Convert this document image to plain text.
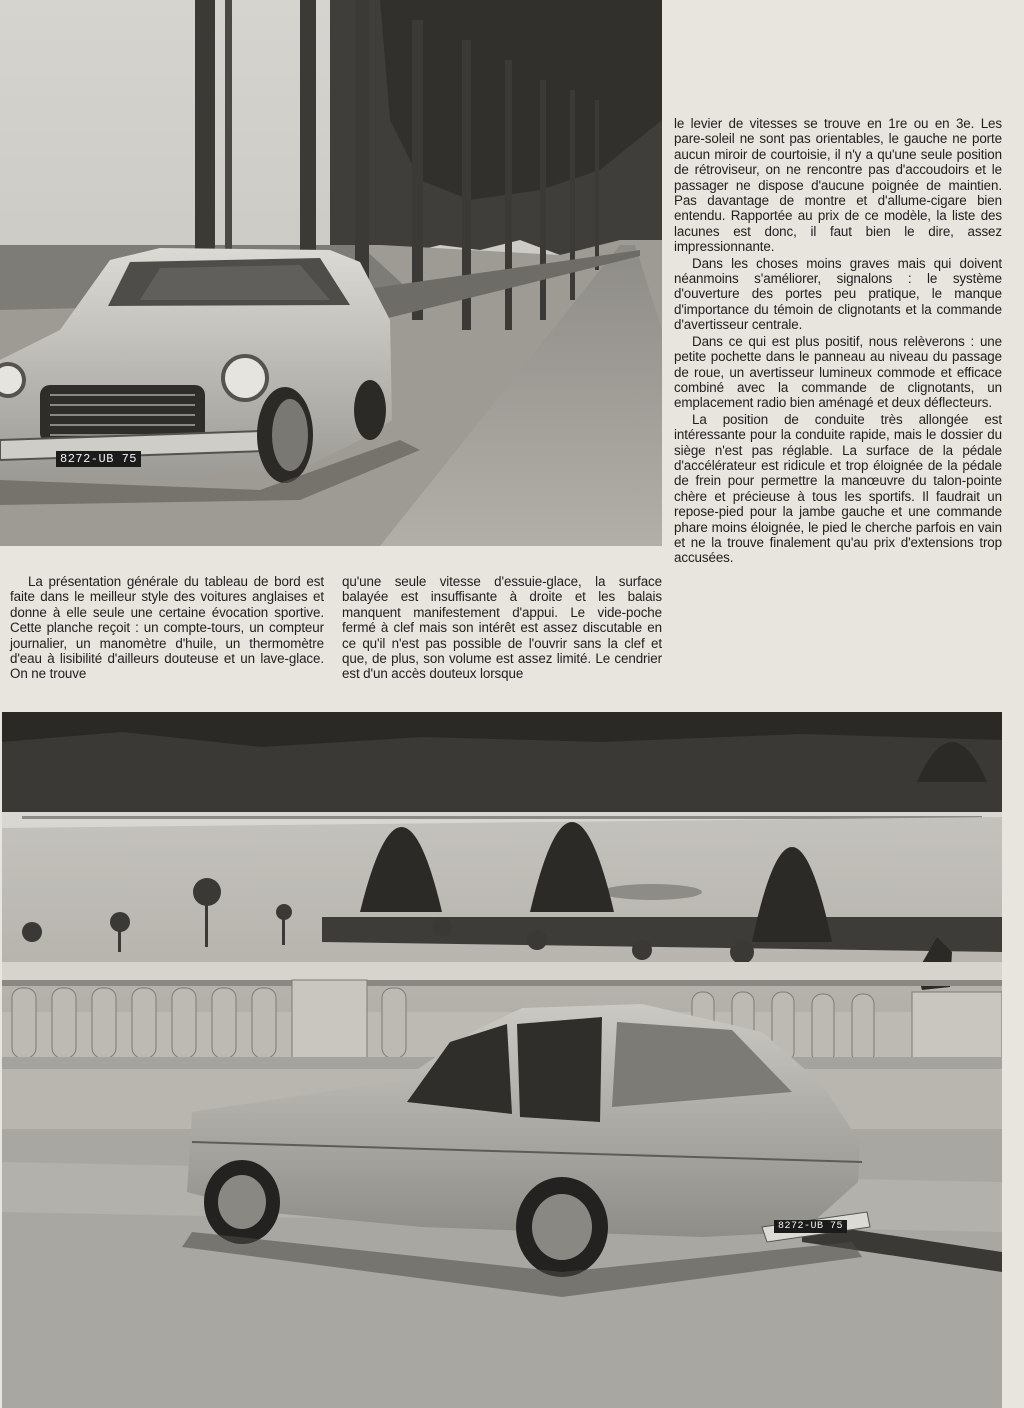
8272-UB 75

le levier de vitesses se trouve en 1re ou en 3e. Les pare-soleil ne sont pas orientables, le gauche ne porte aucun miroir de courtoisie, il n'y a qu'une seule position de rétroviseur, on ne rencontre pas d'accoudoirs et le passager ne dispose d'aucune poignée de maintien. Pas davantage de montre et d'allume-cigare bien entendu. Rapportée au prix de ce modèle, la liste des lacunes est donc, il faut bien le dire, assez impressionnante.

Dans les choses moins graves mais qui doivent néanmoins s'améliorer, signalons : le système d'ouverture des portes peu pratique, le manque d'importance du témoin de clignotants et la commande d'avertisseur centrale.

Dans ce qui est plus positif, nous relèverons : une petite pochette dans le panneau au niveau du passage de roue, un avertisseur lumineux commode et efficace combiné avec la commande de clignotants, un emplacement radio bien aménagé et deux déflecteurs.

La position de conduite très allongée est intéressante pour la conduite rapide, mais le dossier du siège n'est pas réglable. La surface de la pédale d'accélérateur est ridicule et trop éloignée de la pédale de frein pour permettre la manœuvre du talon-pointe chère et précieuse à tous les sportifs. Il faudrait un repose-pied pour la jambe gauche et une commande phare moins éloignée, le pied le cherche parfois en vain et ne la trouve finalement qu'au prix d'extensions trop accusées.

La présentation générale du tableau de bord est faite dans le meilleur style des voitures anglaises et donne à elle seule une certaine évocation sportive. Cette planche reçoit : un compte-tours, un compteur journalier, un manomètre d'huile, un thermomètre d'eau à lisibilité d'ailleurs douteuse et un lave-glace. On ne trouve

qu'une seule vitesse d'essuie-glace, la surface balayée est insuffisante à droite et les balais manquent manifestement d'appui. Le vide-poche fermé à clef mais son intérêt est assez discutable en ce qu'il n'est pas possible de l'ouvrir sans la clef et que, de plus, son volume est assez limité. Le cendrier est d'un accès douteux lorsque

8272-UB 75
